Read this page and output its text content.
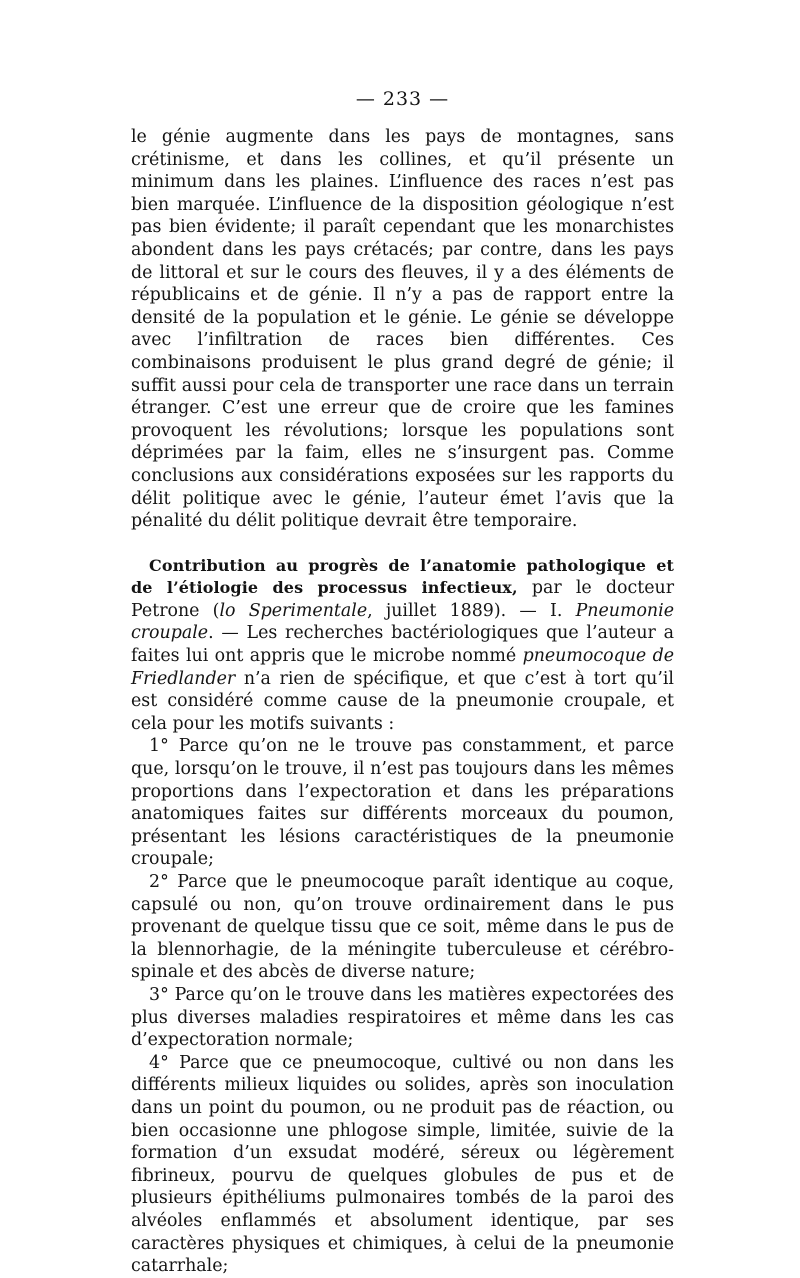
— 233 —

le génie augmente dans les pays de montagnes, sans crétinisme, et dans les collines, et qu’il présente un minimum dans les plaines. L’influence des races n’est pas bien marquée. L’influence de la disposition géologique n’est pas bien évidente; il paraît cependant que les monarchistes abondent dans les pays crétacés; par contre, dans les pays de littoral et sur le cours des fleuves, il y a des éléments de républicains et de génie. Il n’y a pas de rapport entre la densité de la population et le génie. Le génie se développe avec l’infiltration de races bien différentes. Ces combinaisons produisent le plus grand degré de génie; il suffit aussi pour cela de transporter une race dans un terrain étranger. C’est une erreur que de croire que les famines provoquent les révolutions; lorsque les populations sont déprimées par la faim, elles ne s’insurgent pas. Comme conclusions aux considérations exposées sur les rapports du délit politique avec le génie, l’auteur émet l’avis que la pénalité du délit politique devrait être temporaire.

Contribution au progrès de l’anatomie pathologique et de l’étiologie des processus infectieux, par le docteur Petrone (lo Sperimentale, juillet 1889). — I. Pneumonie croupale. — Les recherches bactériologiques que l’auteur a faites lui ont appris que le microbe nommé pneumocoque de Friedlander n’a rien de spécifique, et que c’est à tort qu’il est considéré comme cause de la pneumonie croupale, et cela pour les motifs suivants :

1° Parce qu’on ne le trouve pas constamment, et parce que, lorsqu’on le trouve, il n’est pas toujours dans les mêmes proportions dans l’expectoration et dans les préparations anatomiques faites sur différents morceaux du poumon, présentant les lésions caractéristiques de la pneumonie croupale;

2° Parce que le pneumocoque paraît identique au coque, capsulé ou non, qu’on trouve ordinairement dans le pus provenant de quelque tissu que ce soit, même dans le pus de la blennorhagie, de la méningite tuberculeuse et cérébro-spinale et des abcès de diverse nature;

3° Parce qu’on le trouve dans les matières expectorées des plus diverses maladies respiratoires et même dans les cas d’expectoration normale;

4° Parce que ce pneumocoque, cultivé ou non dans les différents milieux liquides ou solides, après son inoculation dans un point du poumon, ou ne produit pas de réaction, ou bien occasionne une phlogose simple, limitée, suivie de la formation d’un exsudat modéré, séreux ou légèrement fibrineux, pourvu de quelques globules de pus et de plusieurs épithéliums pulmonaires tombés de la paroi des alvéoles enflammés et absolument identique, par ses caractères physiques et chimiques, à celui de la pneumonie catarrhale;
